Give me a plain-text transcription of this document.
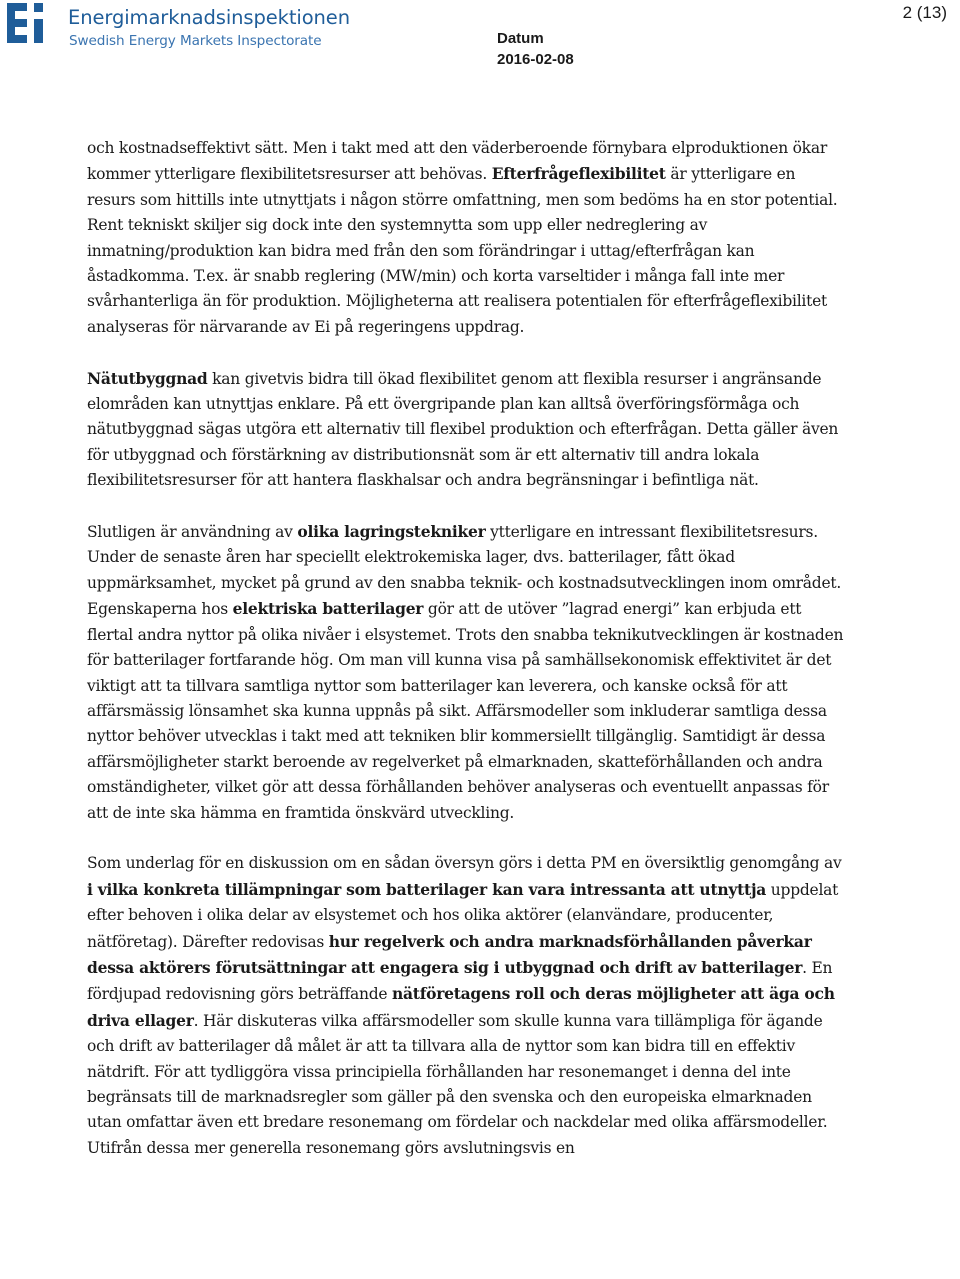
Energimarknadsinspektionen
Swedish Energy Markets Inspectorate	Datum
2016-02-08
2 (13)

och kostnadseffektivt sätt. Men i takt med att den väderberoende förnybara elproduktionen ökar kommer ytterligare flexibilitetsresurser att behövas. Efterfrågeflexibilitet är ytterligare en resurs som hittills inte utnyttjats i någon större omfattning, men som bedöms ha en stor potential. Rent tekniskt skiljer sig dock inte den systemnytta som upp eller nedreglering av inmatning/produktion kan bidra med från den som förändringar i uttag/efterfrågan kan åstadkomma. T.ex. är snabb reglering (MW/min) och korta varseltider i många fall inte mer svårhanterliga än för produktion. Möjligheterna att realisera potentialen för efterfrågeflexibilitet analyseras för närvarande av Ei på regeringens uppdrag.

Nätutbyggnad kan givetvis bidra till ökad flexibilitet genom att flexibla resurser i angränsande elområden kan utnyttjas enklare. På ett övergripande plan kan alltså överföringsförmåga och nätutbyggnad sägas utgöra ett alternativ till flexibel produktion och efterfrågan. Detta gäller även för utbyggnad och förstärkning av distributionsnät som är ett alternativ till andra lokala flexibilitetsresurser för att hantera flaskhalsar och andra begränsningar i befintliga nät.

Slutligen är användning av olika lagringstekniker ytterligare en intressant flexibilitetsresurs. Under de senaste åren har speciellt elektrokemiska lager, dvs. batterilager, fått ökad uppmärksamhet, mycket på grund av den snabba teknik- och kostnadsutvecklingen inom området. Egenskaperna hos elektriska batterilager gör att de utöver ”lagrad energi” kan erbjuda ett flertal andra nyttor på olika nivåer i elsystemet. Trots den snabba teknikutvecklingen är kostnaden för batterilager fortfarande hög. Om man vill kunna visa på samhällsekonomisk effektivitet är det viktigt att ta tillvara samtliga nyttor som batterilager kan leverera, och kanske också för att affärsmässig lönsamhet ska kunna uppnås på sikt. Affärsmodeller som inkluderar samtliga dessa nyttor behöver utvecklas i takt med att tekniken blir kommersiellt tillgänglig. Samtidigt är dessa affärsmöjligheter starkt beroende av regelverket på elmarknaden, skatteförhållanden och andra omständigheter, vilket gör att dessa förhållanden behöver analyseras och eventuellt anpassas för att de inte ska hämma en framtida önskvärd utveckling.

Som underlag för en diskussion om en sådan översyn görs i detta PM en översiktlig genomgång av i vilka konkreta tillämpningar som batterilager kan vara intressanta att utnyttja uppdelat efter behoven i olika delar av elsystemet och hos olika aktörer (elanvändare, producenter, nätföretag). Därefter redovisas hur regelverk och andra marknadsförhållanden påverkar dessa aktörers förutsättningar att engagera sig i utbyggnad och drift av batterilager. En fördjupad redovisning görs beträffande nätföretagens roll och deras möjligheter att äga och driva ellager. Här diskuteras vilka affärsmodeller som skulle kunna vara tillämpliga för ägande och drift av batterilager då målet är att ta tillvara alla de nyttor som kan bidra till en effektiv nätdrift. För att tydliggöra vissa principiella förhållanden har resonemanget i denna del inte begränsats till de marknadsregler som gäller på den svenska och den europeiska elmarknaden utan omfattar även ett bredare resonemang om fördelar och nackdelar med olika affärsmodeller. Utifrån dessa mer generella resonemang görs avslutningsvis en
